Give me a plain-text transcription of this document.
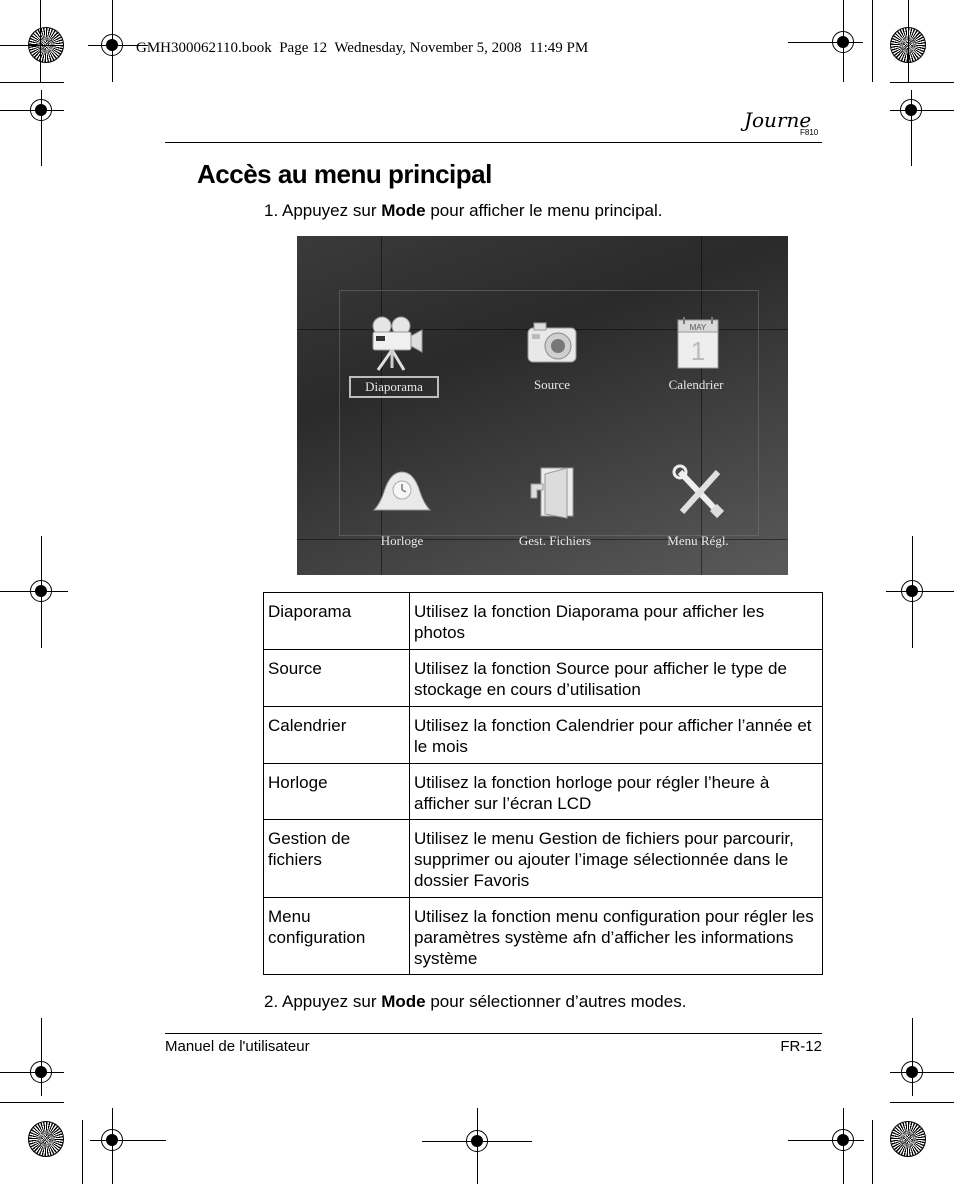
GMH300062110.book  Page 12  Wednesday, November 5, 2008  11:49 PM
Journe
F810
Accès au menu principal
1. Appuyez sur Mode pour afficher le menu principal.
Diaporama	Source
MAY
1
Calendrier
Horloge	Gest. Fichiers	Menu Régl.
Diaporama	Utilisez la fonction Diaporama pour afficher les photos
Source	Utilisez la fonction Source pour afficher le type de stockage en cours d’utilisation
Calendrier	Utilisez la fonction Calendrier pour afficher l’année et le mois
Horloge	Utilisez la fonction horloge pour régler l’heure à afficher sur l’écran LCD
Gestion de fichiers	Utilisez le menu Gestion de fichiers pour parcourir, supprimer ou ajouter l’image sélectionnée dans le dossier Favoris
Menu configuration	Utilisez la fonction menu configuration pour régler les paramètres système afn d’afficher les informations système
2. Appuyez sur Mode pour sélectionner d’autres modes.
Manuel de l'utilisateur	FR-12
